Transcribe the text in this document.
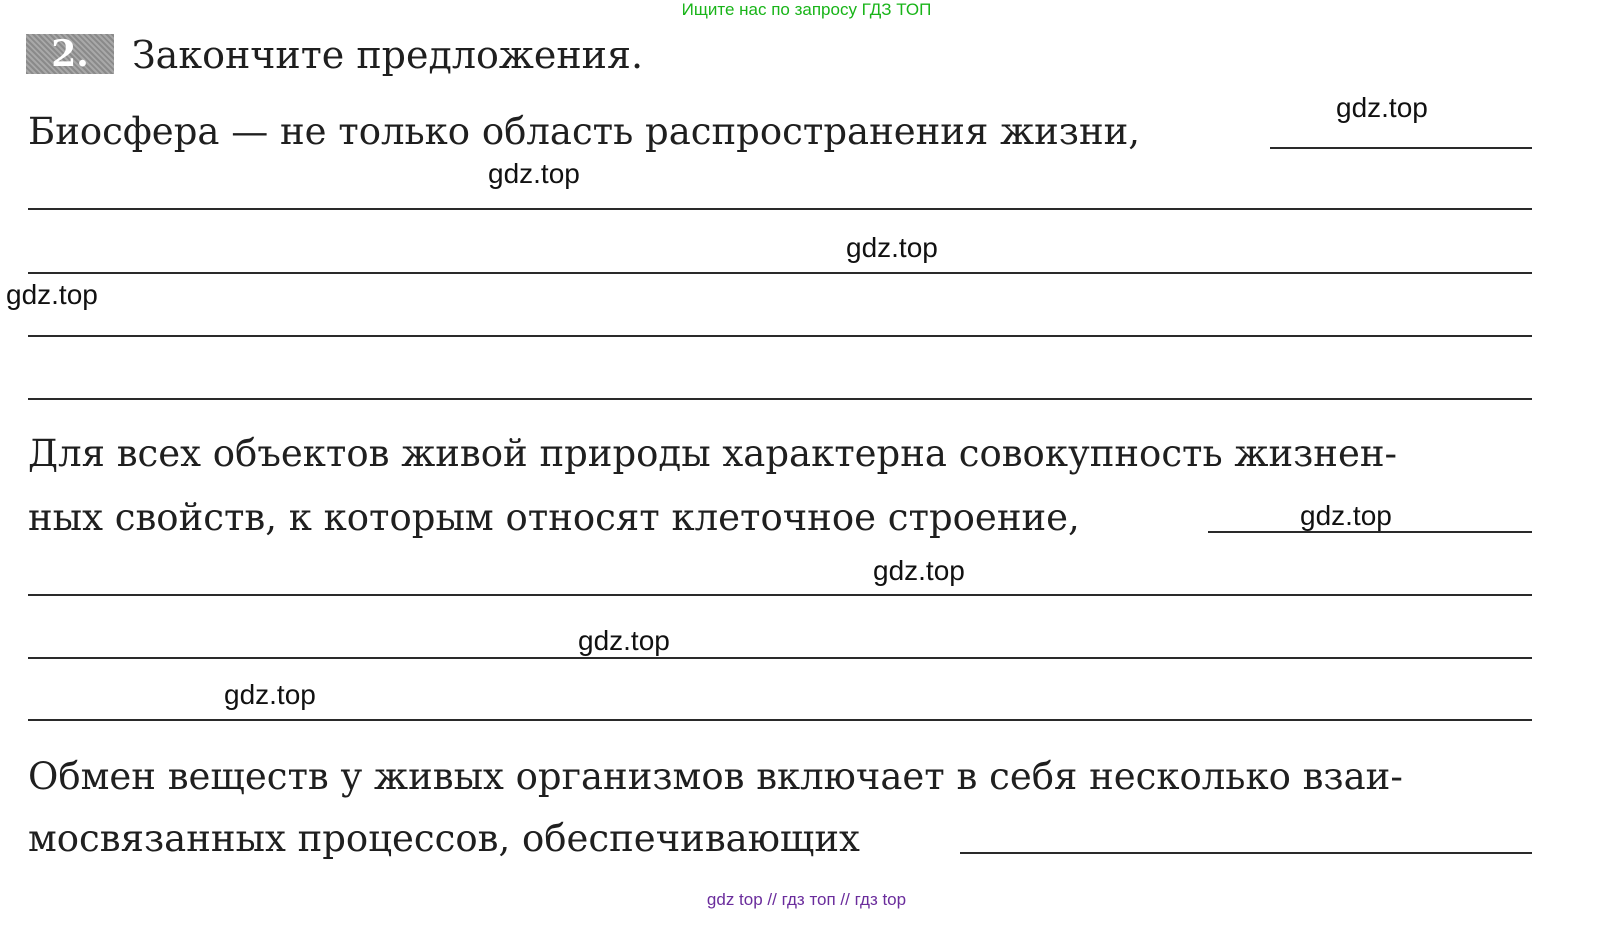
Ищите нас по запросу ГДЗ ТОП
2.	Закончите предложения.
Биосфера — не только область распространения жизни,
Для всех объектов живой природы характерна совокупность жизнен-
ных свойств, к которым относят клеточное строение,
Обмен веществ у живых организмов включает в себя несколько взаи-
мосвязанных процессов, обеспечивающих
gdz.top
gdz.top
gdz.top
gdz.top
gdz.top
gdz.top
gdz.top
gdz.top
gdz top // гдз топ // гдз top
